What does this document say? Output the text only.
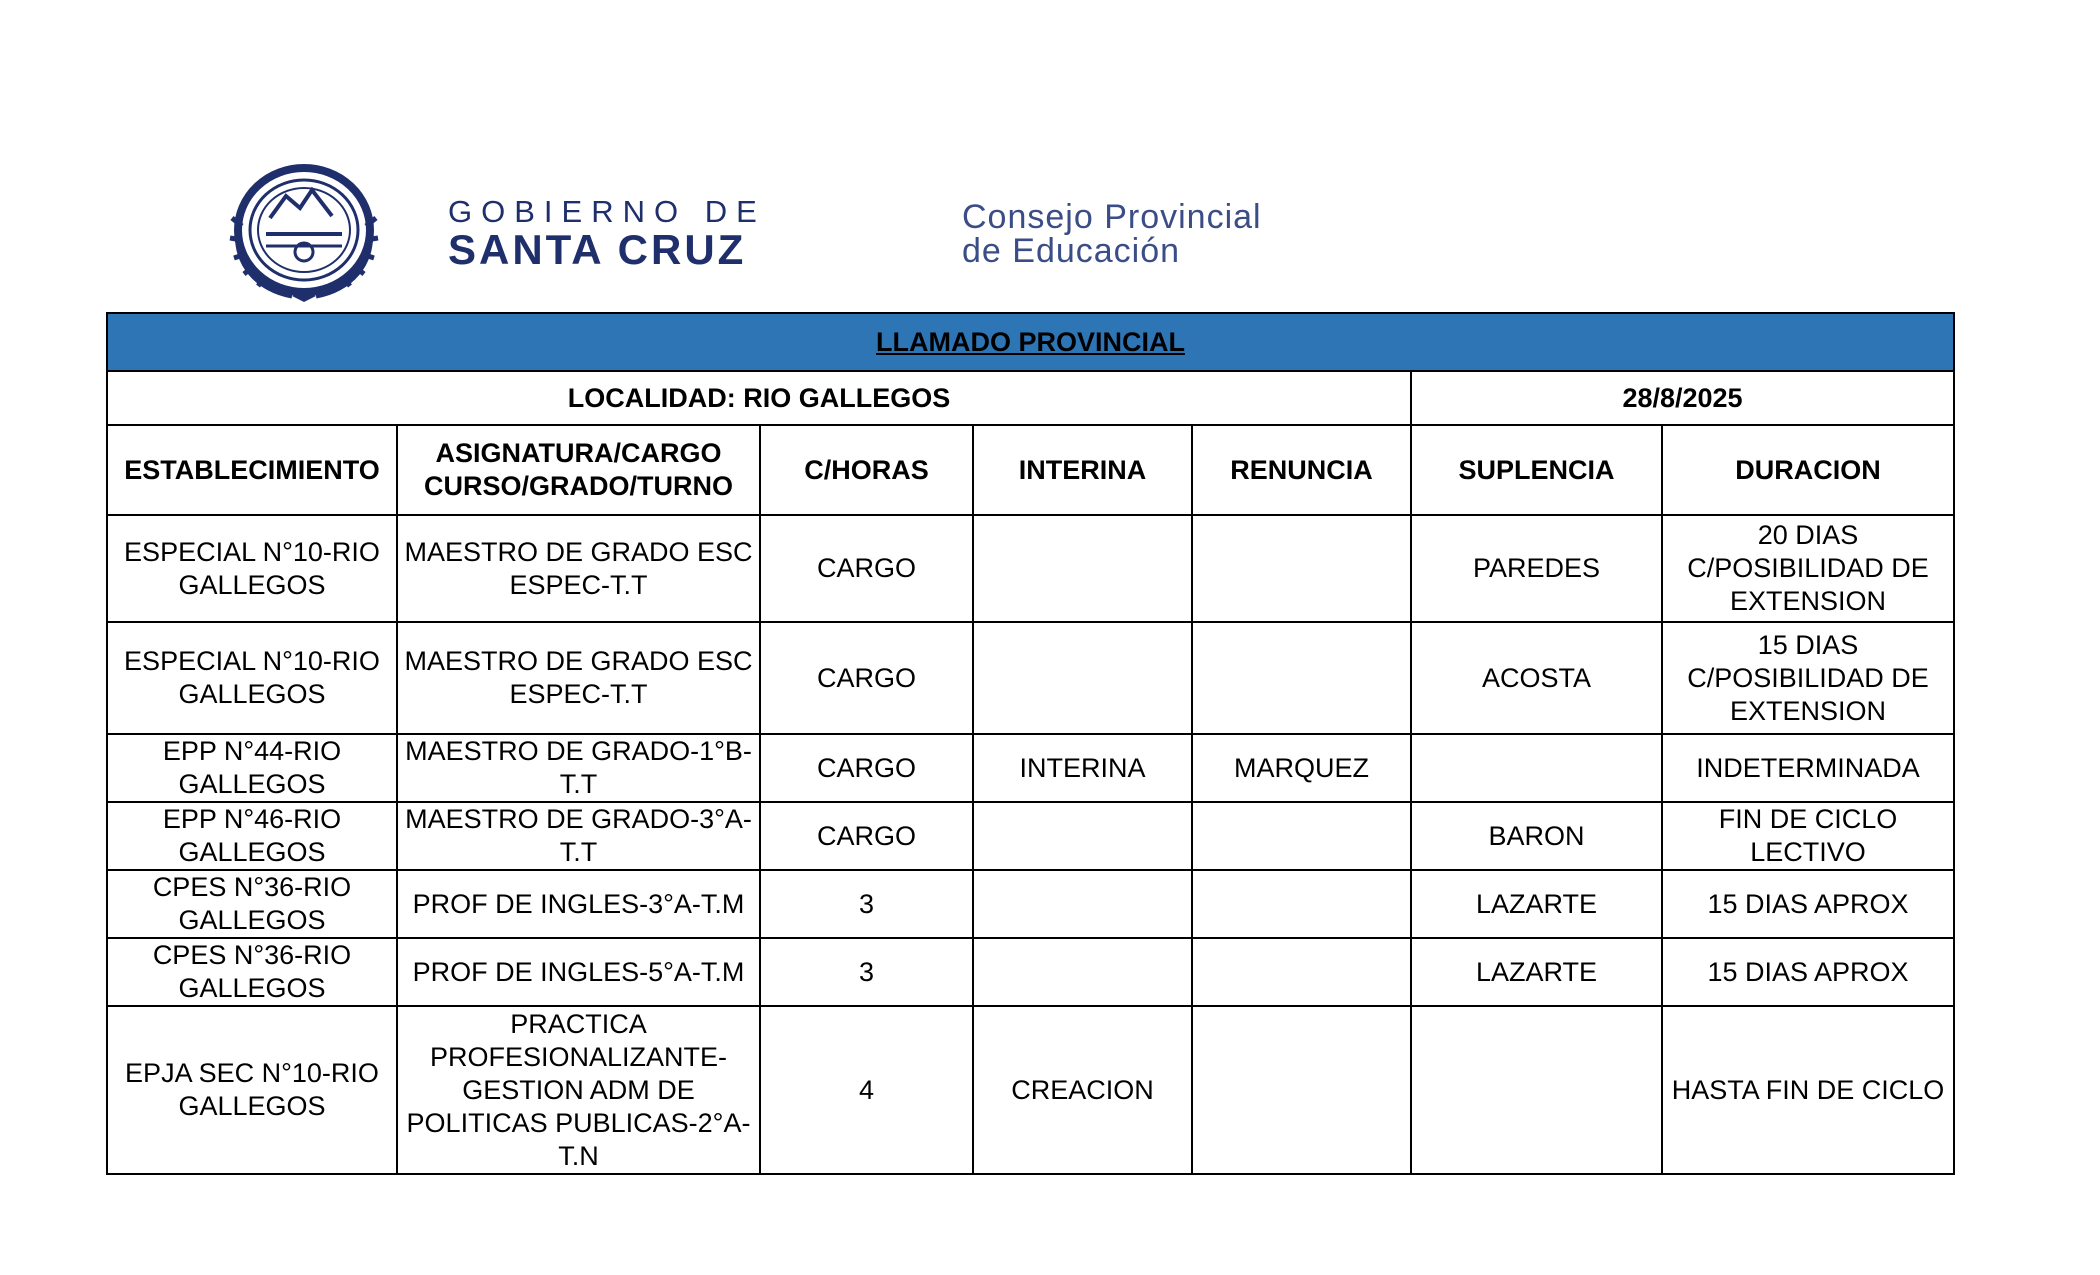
GOBIERNO DE
SANTA CRUZ
Consejo Provincial
de Educación
LLAMADO PROVINCIAL						
LOCALIDAD: RIO GALLEGOS					28/8/2025	
ESTABLECIMIENTO	ASIGNATURA/CARGO CURSO/GRADO/TURNO	C/HORAS	INTERINA	RENUNCIA	SUPLENCIA	DURACION
ESPECIAL N°10-RIO GALLEGOS	MAESTRO DE GRADO ESC ESPEC-T.T	CARGO			PAREDES	20 DIAS C/POSIBILIDAD DE EXTENSION
ESPECIAL N°10-RIO GALLEGOS	MAESTRO DE GRADO ESC ESPEC-T.T	CARGO			ACOSTA	15 DIAS C/POSIBILIDAD DE EXTENSION
EPP N°44-RIO GALLEGOS	MAESTRO DE GRADO-1°B-T.T	CARGO	INTERINA	MARQUEZ		INDETERMINADA
EPP N°46-RIO GALLEGOS	MAESTRO DE GRADO-3°A-T.T	CARGO			BARON	FIN DE CICLO LECTIVO
CPES N°36-RIO GALLEGOS	PROF DE INGLES-3°A-T.M	3			LAZARTE	15 DIAS APROX
CPES N°36-RIO GALLEGOS	PROF DE INGLES-5°A-T.M	3			LAZARTE	15 DIAS APROX
EPJA SEC N°10-RIO GALLEGOS	PRACTICA PROFESIONALIZANTE-GESTION ADM DE POLITICAS PUBLICAS-2°A-T.N	4	CREACION			HASTA FIN DE CICLO
